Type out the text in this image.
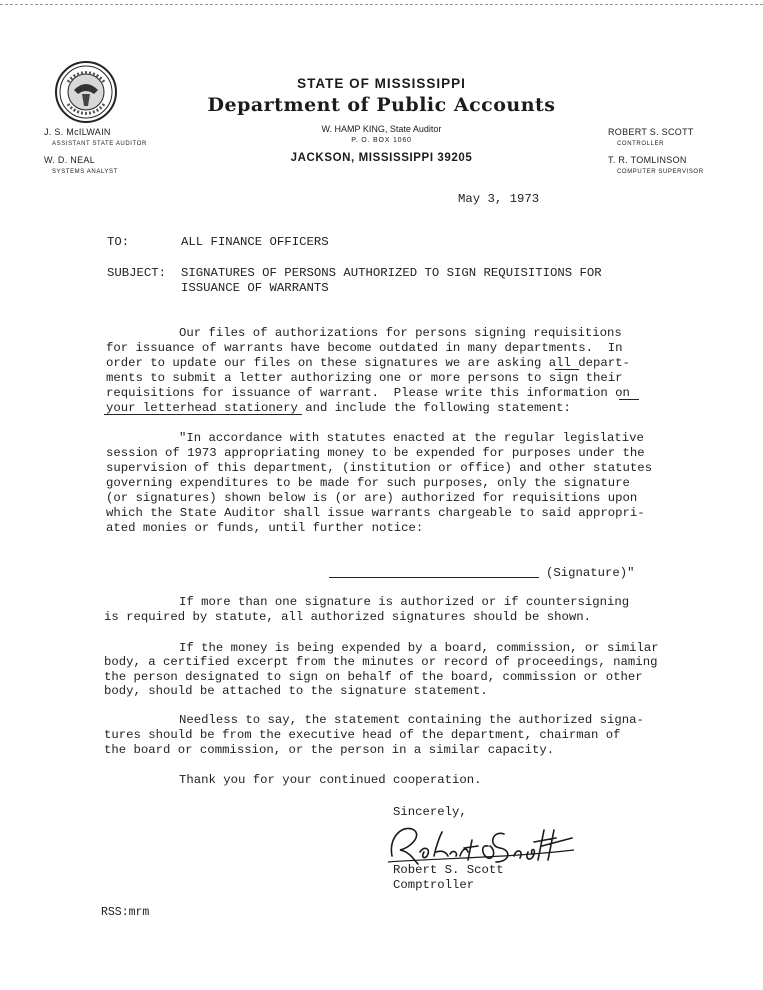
STATE OF MISSISSIPPI
Department of Public Accounts
W. HAMP KING, State Auditor
P. O. BOX 1060
JACKSON, MISSISSIPPI 39205
J. S. McILWAIN
ASSISTANT STATE AUDITOR
W. D. NEAL
SYSTEMS ANALYST
ROBERT S. SCOTT
CONTROLLER
T. R. TOMLINSON
COMPUTER SUPERVISOR
May 3, 1973
TO:	ALL FINANCE OFFICERS
SUBJECT: SIGNATURES OF PERSONS AUTHORIZED TO SIGN REQUISITIONS FOR
ISSUANCE OF WARRANTS
Our files of authorizations for persons signing requisitions
for issuance of warrants have become outdated in many departments.  In
order to update our files on these signatures we are asking all depart-
ments to submit a letter authorizing one or more persons to sign their
requisitions for issuance of warrant.  Please write this information on
your letterhead stationery and include the following statement:
"In accordance with statutes enacted at the regular legislative
session of 1973 appropriating money to be expended for purposes under the
supervision of this department, (institution or office) and other statutes
governing expenditures to be made for such purposes, only the signature
(or signatures) shown below is (or are) authorized for requisitions upon
which the State Auditor shall issue warrants chargeable to said appropri-
ated monies or funds, until further notice:
(Signature)"
If more than one signature is authorized or if countersigning
is required by statute, all authorized signatures should be shown.
If the money is being expended by a board, commission, or similar
body, a certified excerpt from the minutes or record of proceedings, naming
the person designated to sign on behalf of the board, commission or other
body, should be attached to the signature statement.
Needless to say, the statement containing the authorized signa-
tures should be from the executive head of the department, chairman of
the board or commission, or the person in a similar capacity.
Thank you for your continued cooperation.
Sincerely,
Robert S. Scott
Comptroller
RSS:mrm
